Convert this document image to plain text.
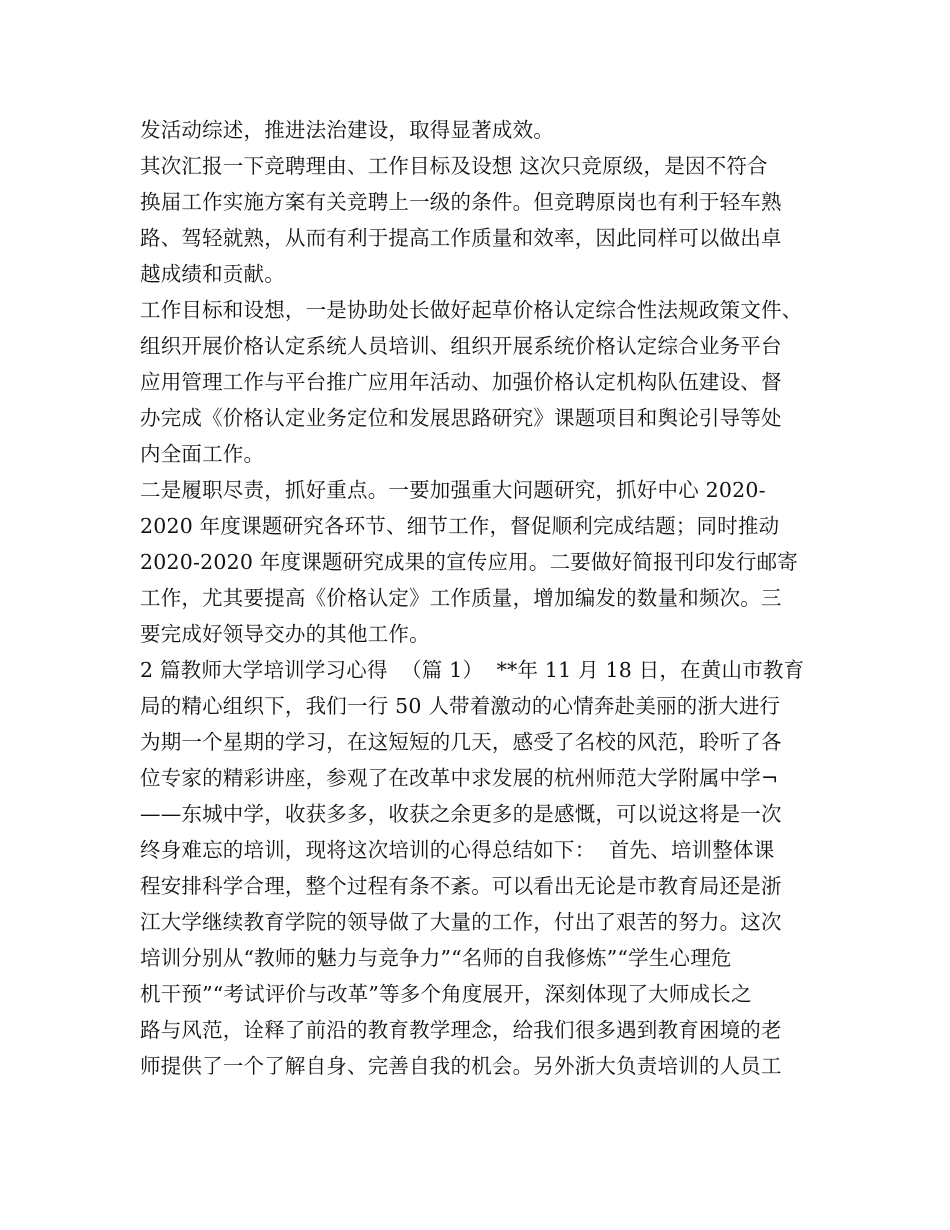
发活动综述，推进法治建设，取得显著成效。
其次汇报一下竞聘理由、工作目标及设想 这次只竞原级，是因不符合
换届工作实施方案有关竞聘上一级的条件。但竞聘原岗也有利于轻车熟
路、驾轻就熟，从而有利于提高工作质量和效率，因此同样可以做出卓
越成绩和贡献。
工作目标和设想，一是协助处长做好起草价格认定综合性法规政策文件、
组织开展价格认定系统人员培训、组织开展系统价格认定综合业务平台
应用管理工作与平台推广应用年活动、加强价格认定机构队伍建设、督
办完成《价格认定业务定位和发展思路研究》课题项目和舆论引导等处
内全面工作。
二是履职尽责，抓好重点。一要加强重大问题研究，抓好中心 2020-
2020 年度课题研究各环节、细节工作，督促顺利完成结题；同时推动
2020-2020 年度课题研究成果的宣传应用。二要做好简报刊印发行邮寄
工作，尤其要提高《价格认定》工作质量，增加编发的数量和频次。三
要完成好领导交办的其他工作。
2 篇教师大学培训学习心得  （篇 1）  **年 11 月 18 日，在黄山市教育
局的精心组织下，我们一行 50 人带着激动的心情奔赴美丽的浙大进行
为期一个星期的学习，在这短短的几天，感受了名校的风范，聆听了各
位专家的精彩讲座，参观了在改革中求发展的杭州师范大学附属中学¬
——东城中学，收获多多，收获之余更多的是感慨，可以说这将是一次
终身难忘的培训，现将这次培训的心得总结如下：  首先、培训整体课
程安排科学合理，整个过程有条不紊。可以看出无论是市教育局还是浙
江大学继续教育学院的领导做了大量的工作，付出了艰苦的努力。这次
培训分别从“教师的魅力与竞争力”“名师的自我修炼”“学生心理危
机干预”“考试评价与改革”等多个角度展开，深刻体现了大师成长之
路与风范，诠释了前沿的教育教学理念，给我们很多遇到教育困境的老
师提供了一个了解自身、完善自我的机会。另外浙大负责培训的人员工
